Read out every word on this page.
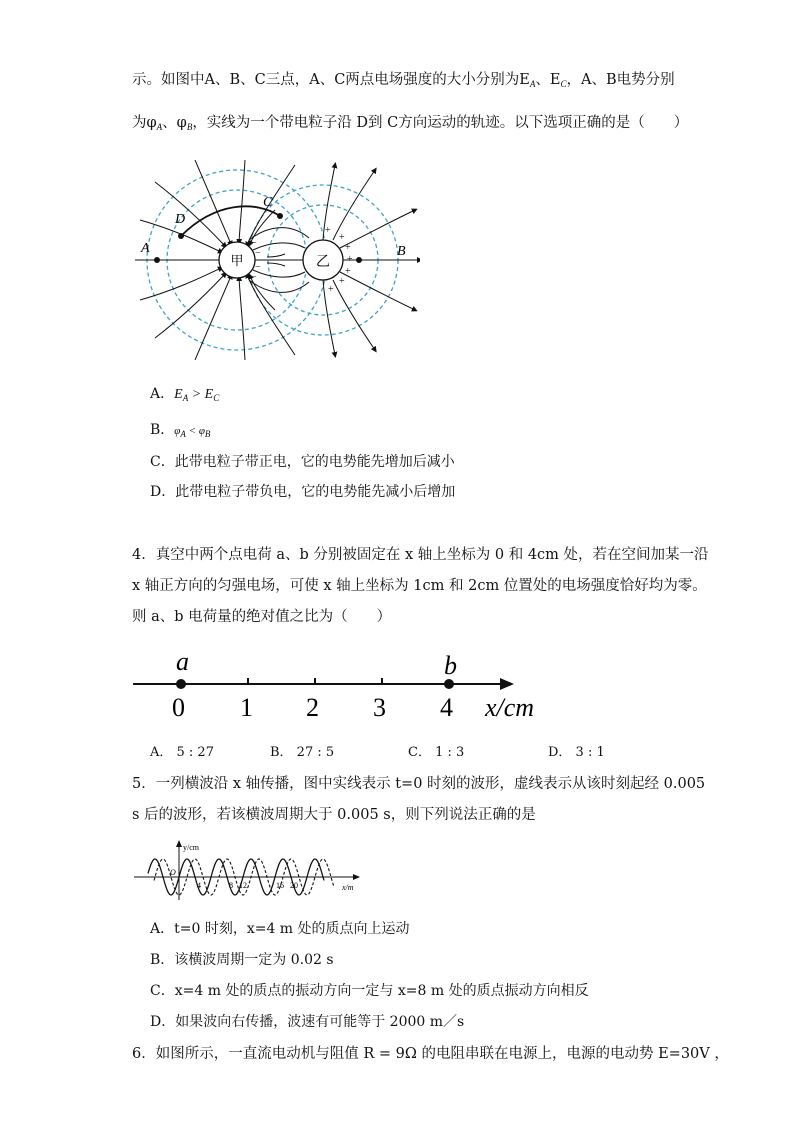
示。如图中A、B、C三点，A、C两点电场强度的大小分别为$E_A$、$E_C$，A、B电势分别
为$\varphi_A$、$\varphi_B$，实线为一个带电粒子沿 D到 C方向运动的轨迹。以下选项正确的是（　　）
甲	乙
+
+
+
+
+
+
+
−
−
−
−
A	B
C
D
A．$E_A > E_C$
B．$\varphi_A < \varphi_B$
C．此带电粒子带正电，它的电势能先增加后减小
D．此带电粒子带负电，它的电势能先减小后增加
4．真空中两个点电荷 a、b 分别被固定在 x 轴上坐标为 0 和 4cm 处，若在空间加某一沿
x 轴正方向的匀强电场，可使 x 轴上坐标为 1cm 和 2cm 位置处的电场强度恰好均为零。
则 a、b 电荷量的绝对值之比为（　　）
a	b
0 1 2 3 4 x/cm
A． 5 : 27	B． 27 : 5	C． 1 : 3	D． 3 : 1
5．一列横波沿 x 轴传播，图中实线表示 t=0 时刻的波形，虚线表示从该时刻起经 0.005
s 后的波形，若该横波周期大于 0.005 s，则下列说法正确的是
y/cm
x/m
O
4	8 12	16 20
A．t=0 时刻，x=4 m 处的质点向上运动
B．该横波周期一定为 0.02 s
C．x=4 m 处的质点的振动方向一定与 x=8 m 处的质点振动方向相反
D．如果波向右传播，波速有可能等于 2000 m／s
6．如图所示，一直流电动机与阻值 R = 9Ω 的电阻串联在电源上，电源的电动势 E=30V ，
